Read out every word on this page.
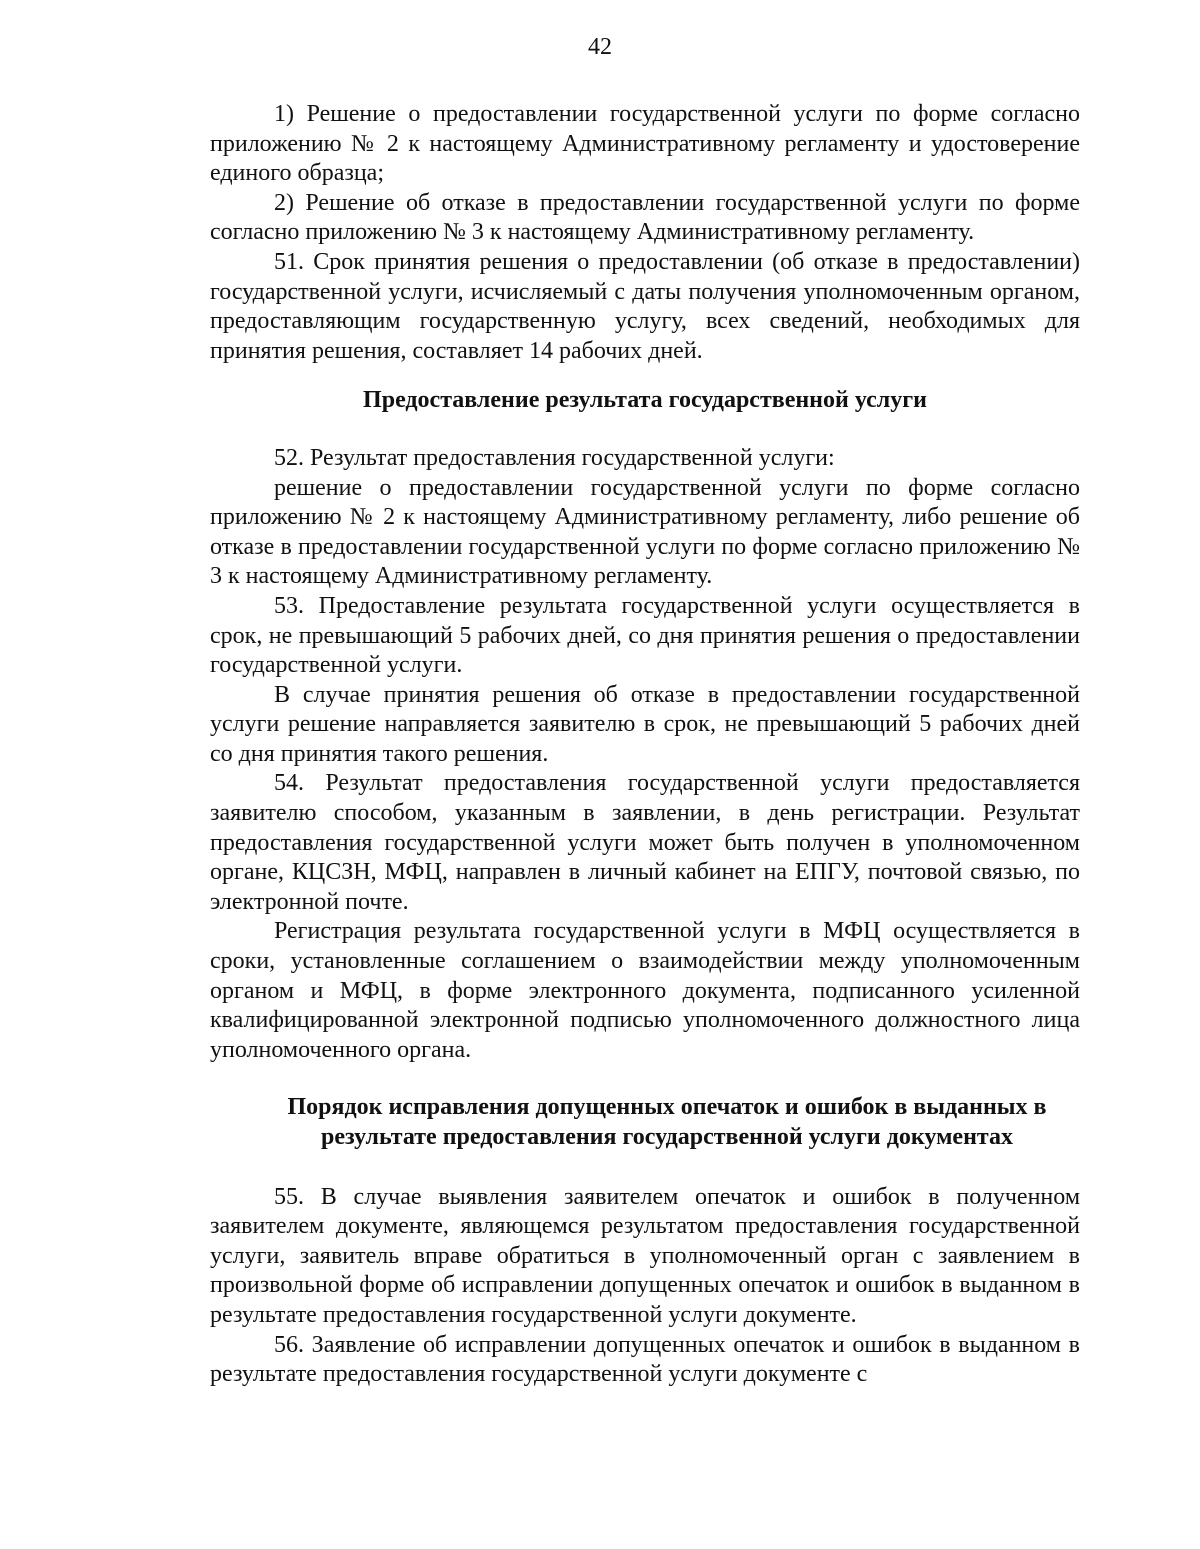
42

1) Решение о предоставлении государственной услуги по форме согласно приложению № 2 к настоящему Административному регламенту и удостоверение единого образца;

2) Решение об отказе в предоставлении государственной услуги по форме согласно приложению № 3 к настоящему Административному регламенту.

51. Срок принятия решения о предоставлении (об отказе в предоставлении) государственной услуги, исчисляемый с даты получения уполномоченным органом, предоставляющим государственную услугу, всех сведений, необходимых для принятия решения, составляет 14 рабочих дней.

Предоставление результата государственной услуги

52. Результат предоставления государственной услуги:

решение о предоставлении государственной услуги по форме согласно приложению № 2 к настоящему Административному регламенту, либо решение об отказе в предоставлении государственной услуги по форме согласно приложению № 3 к настоящему Административному регламенту.

53. Предоставление результата государственной услуги осуществляется в срок, не превышающий 5 рабочих дней, со дня принятия решения о предоставлении государственной услуги.

В случае принятия решения об отказе в предоставлении государственной услуги решение направляется заявителю в срок, не превышающий 5 рабочих дней со дня принятия такого решения.

54. Результат предоставления государственной услуги предоставляется заявителю способом, указанным в заявлении, в день регистрации. Результат предоставления государственной услуги может быть получен в уполномоченном органе, КЦСЗН, МФЦ, направлен в личный кабинет на ЕПГУ, почтовой связью, по электронной почте.

Регистрация результата государственной услуги в МФЦ осуществляется в сроки, установленные соглашением о взаимодействии между уполномоченным органом и МФЦ, в форме электронного документа, подписанного усиленной квалифицированной электронной подписью уполномоченного должностного лица уполномоченного органа.

Порядок исправления допущенных опечаток и ошибок в выданных в результате предоставления государственной услуги документах

55. В случае выявления заявителем опечаток и ошибок в полученном заявителем документе, являющемся результатом предоставления государственной услуги, заявитель вправе обратиться в уполномоченный орган с заявлением в произвольной форме об исправлении допущенных опечаток и ошибок в выданном в результате предоставления государственной услуги документе.

56. Заявление об исправлении допущенных опечаток и ошибок в выданном в результате предоставления государственной услуги документе с
